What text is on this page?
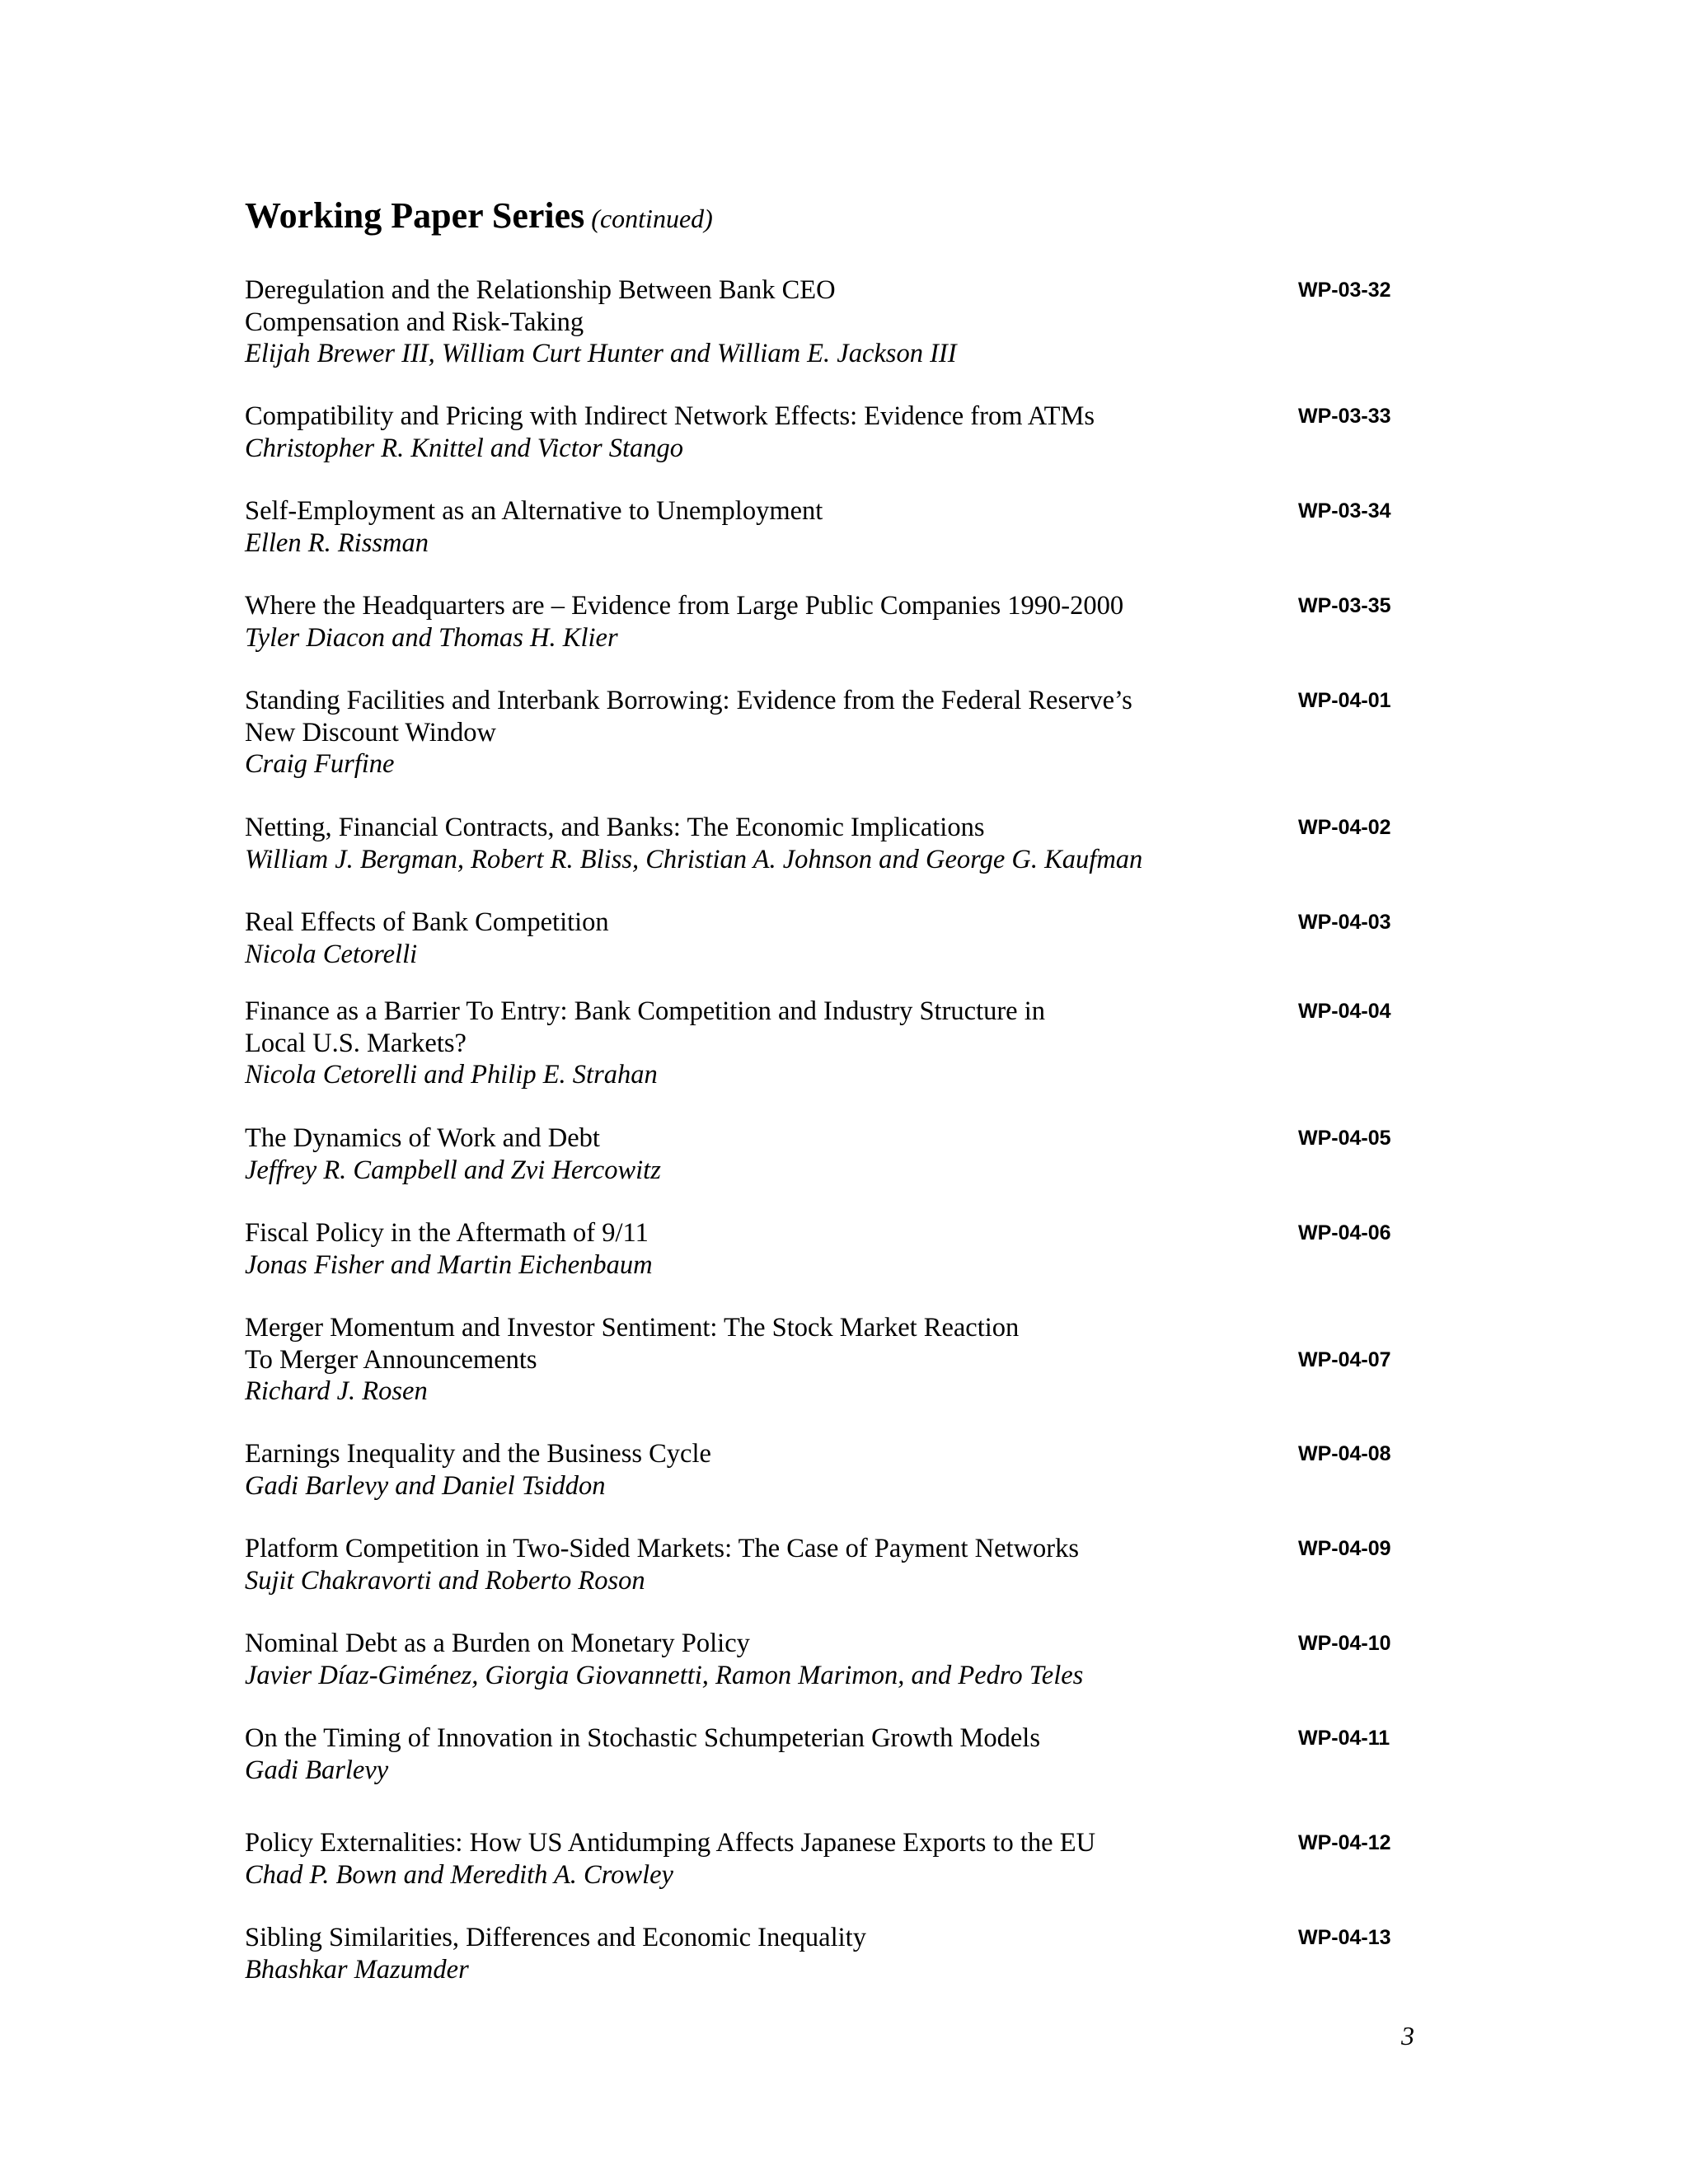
Working Paper Series (continued)
Deregulation and the Relationship Between Bank CEO
Compensation and Risk-Taking
Elijah Brewer III, William Curt Hunter and William E. Jackson III
WP-03-32
Compatibility and Pricing with Indirect Network Effects: Evidence from ATMs
Christopher R. Knittel and Victor Stango
WP-03-33
Self-Employment as an Alternative to Unemployment
Ellen R. Rissman
WP-03-34
Where the Headquarters are – Evidence from Large Public Companies 1990-2000
Tyler Diacon and Thomas H. Klier
WP-03-35
Standing Facilities and Interbank Borrowing: Evidence from the Federal Reserve’s
New Discount Window
Craig Furfine
WP-04-01
Netting, Financial Contracts, and Banks: The Economic Implications
William J. Bergman, Robert R. Bliss, Christian A. Johnson and George G. Kaufman
WP-04-02
Real Effects of Bank Competition
Nicola Cetorelli
WP-04-03
Finance as a Barrier To Entry: Bank Competition and Industry Structure in
Local U.S. Markets?
Nicola Cetorelli and Philip E. Strahan
WP-04-04
The Dynamics of Work and Debt
Jeffrey R. Campbell and Zvi Hercowitz
WP-04-05
Fiscal Policy in the Aftermath of 9/11
Jonas Fisher and Martin Eichenbaum
WP-04-06
Merger Momentum and Investor Sentiment: The Stock Market Reaction
To Merger Announcements
Richard J. Rosen
WP-04-07
Earnings Inequality and the Business Cycle
Gadi Barlevy and Daniel Tsiddon
WP-04-08
Platform Competition in Two-Sided Markets: The Case of Payment Networks
Sujit Chakravorti and Roberto Roson
WP-04-09
Nominal Debt as a Burden on Monetary Policy
Javier Díaz-Giménez, Giorgia Giovannetti, Ramon Marimon, and Pedro Teles
WP-04-10
On the Timing of Innovation in Stochastic Schumpeterian Growth Models
Gadi Barlevy
WP-04-11
Policy Externalities: How US Antidumping Affects Japanese Exports to the EU
Chad P. Bown and Meredith A. Crowley
WP-04-12
Sibling Similarities, Differences and Economic Inequality
Bhashkar Mazumder
WP-04-13
3
